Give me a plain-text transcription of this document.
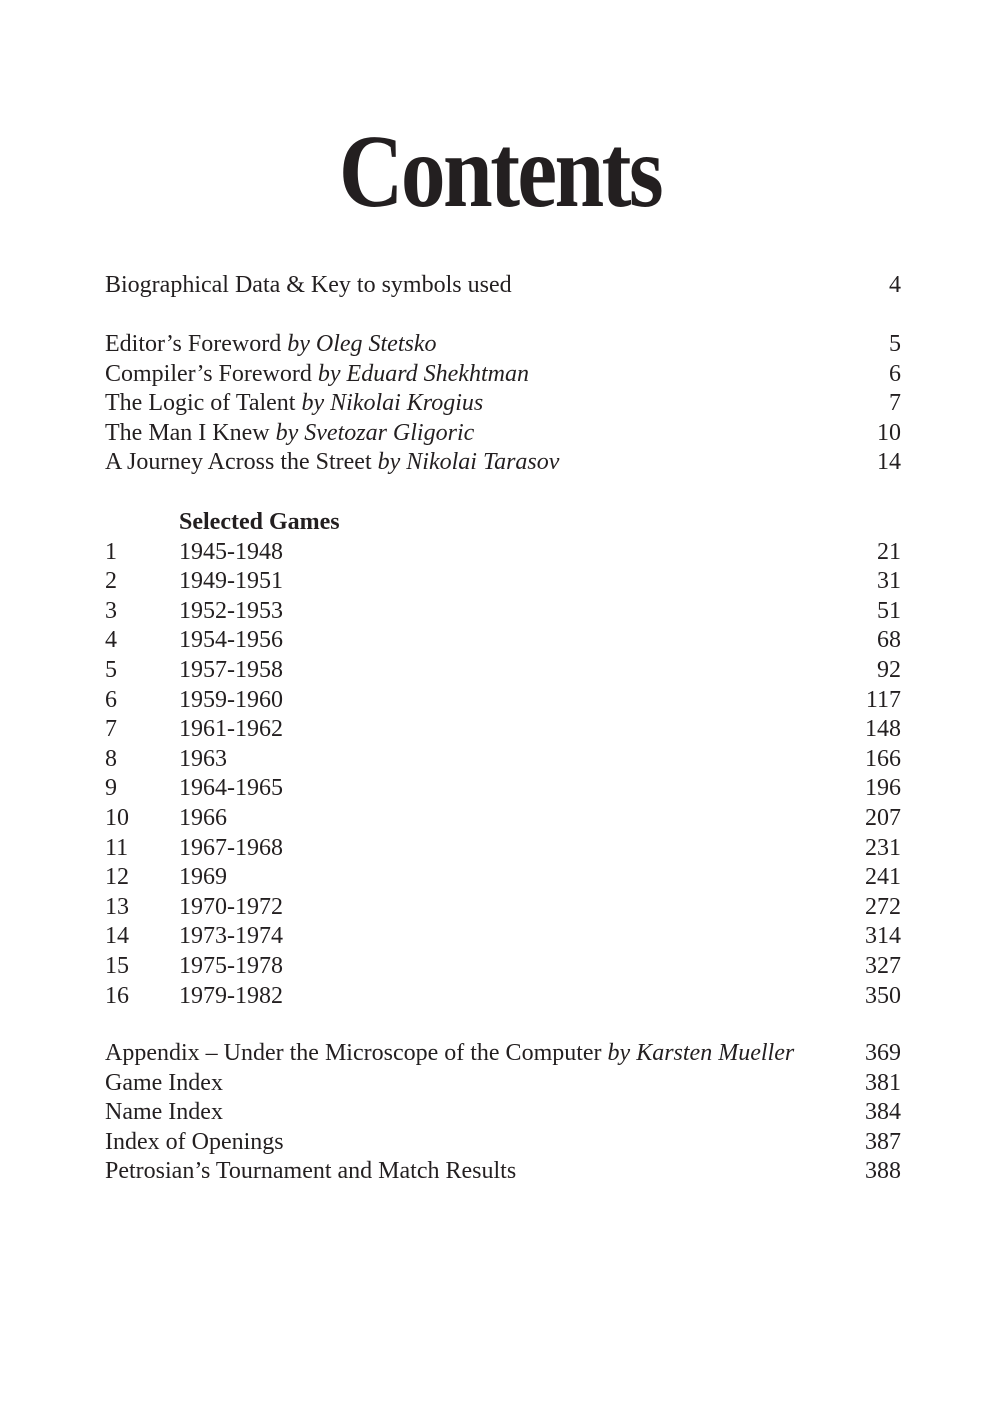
Contents
Biographical Data & Key to symbols used	4
Editor’s Foreword by Oleg Stetsko	5
Compiler’s Foreword by Eduard Shekhtman	6
The Logic of Talent by Nikolai Krogius	7
The Man I Knew by Svetozar Gligoric	10
A Journey Across the Street by Nikolai Tarasov	14
Selected Games
1	1945-1948	21
2	1949-1951	31
3	1952-1953	51
4	1954-1956	68
5	1957-1958	92
6	1959-1960	117
7	1961-1962	148
8	1963	166
9	1964-1965	196
10 1966	207
11 1967-1968	231
12 1969	241
13 1970-1972	272
14 1973-1974	314
15 1975-1978	327
16 1979-1982	350
Appendix – Under the Microscope of the Computer by Karsten Mueller	369
Game Index	381
Name Index	384
Index of Openings	387
Petrosian’s Tournament and Match Results	388
